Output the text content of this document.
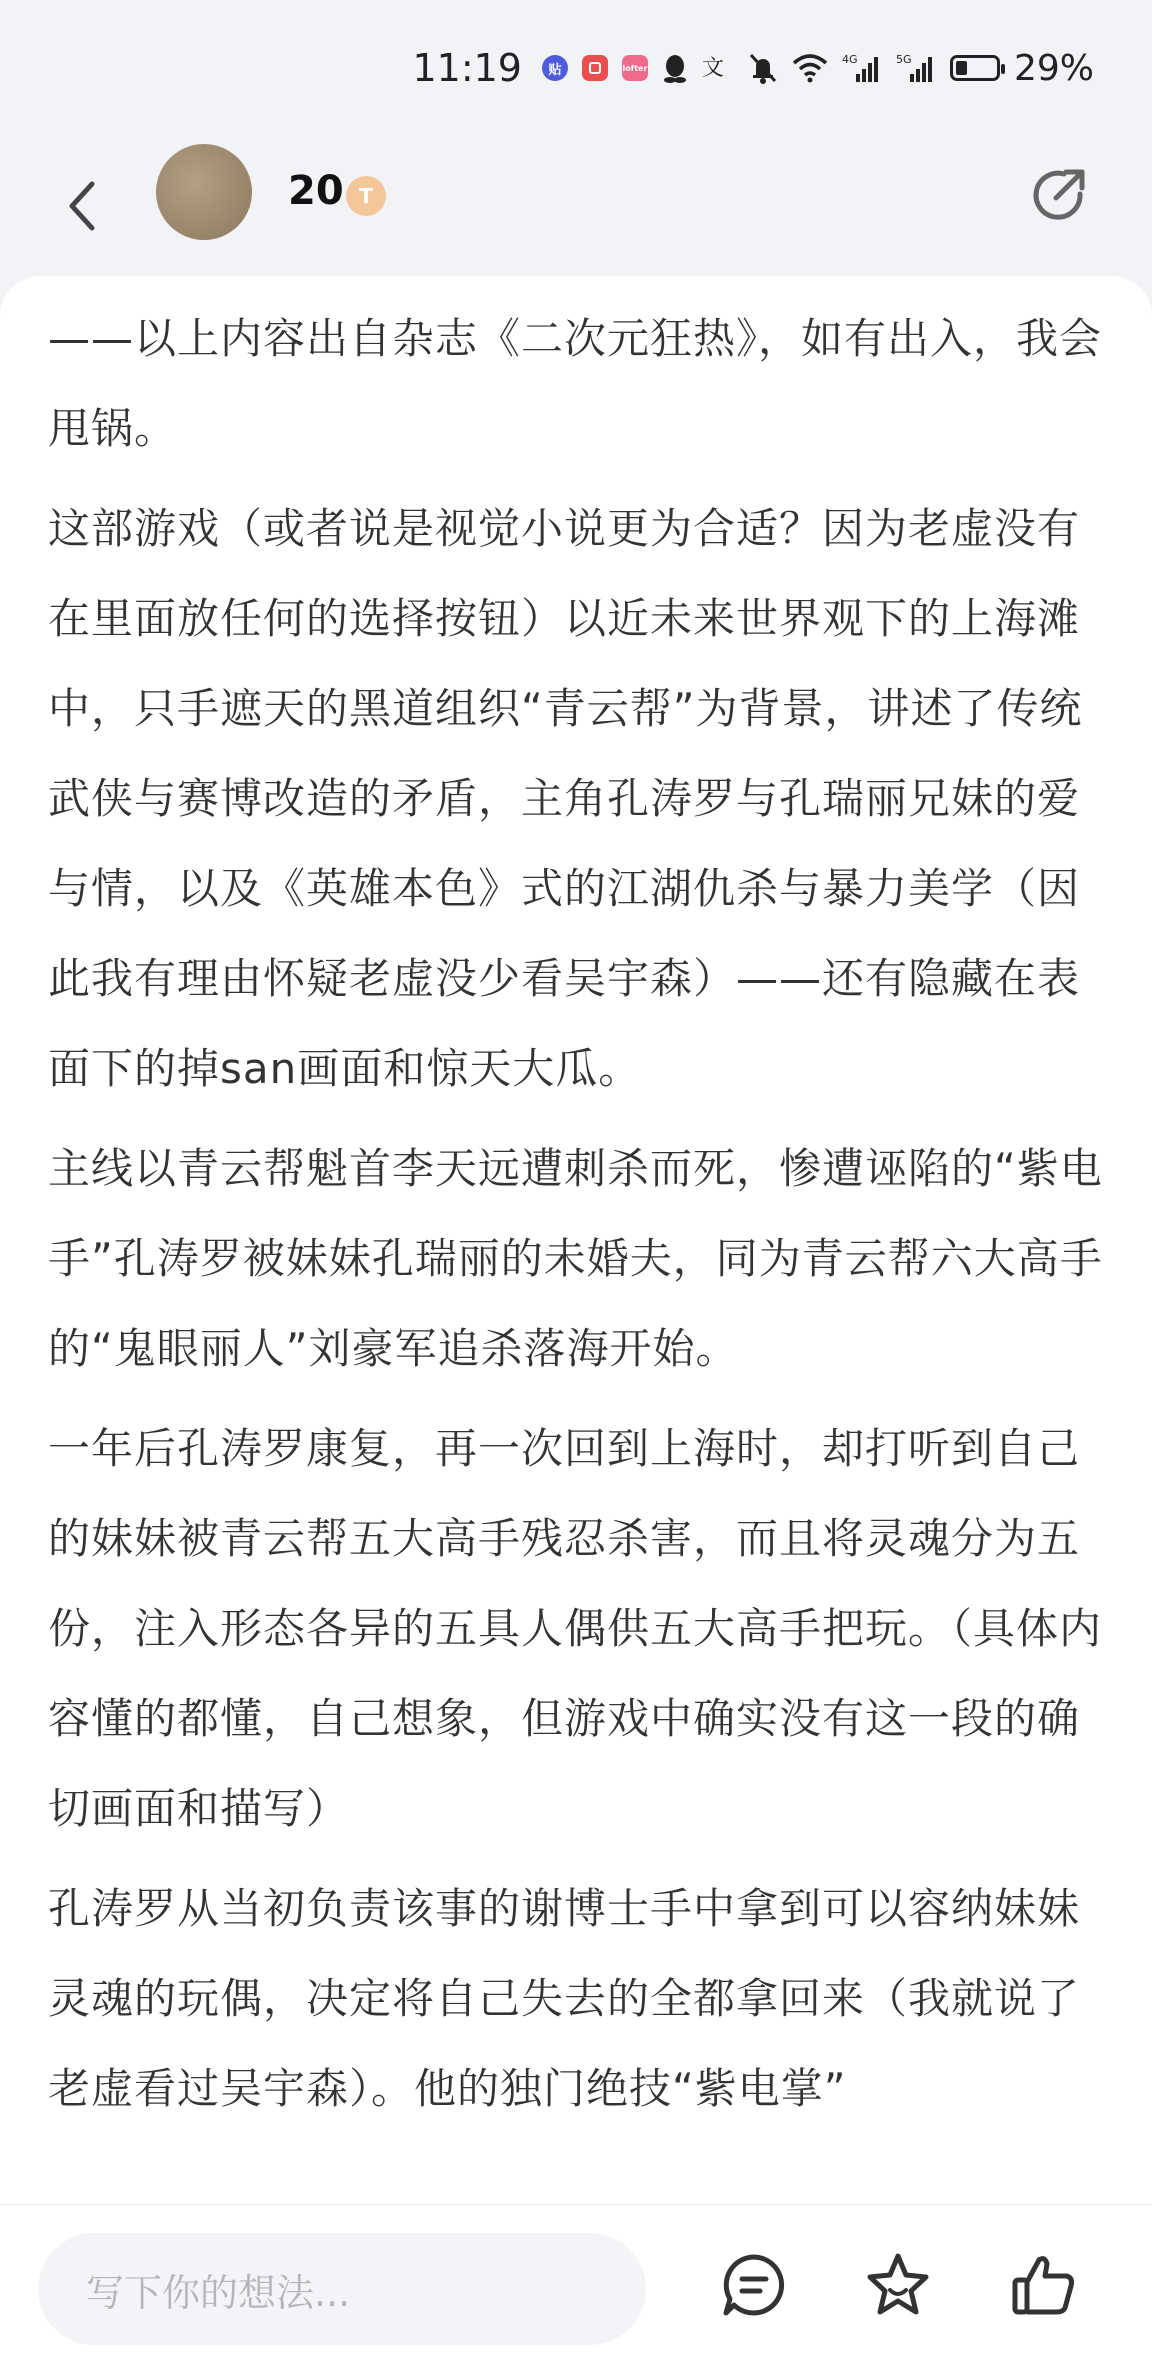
11:19	贴	lofter 文	4G	5G	29%
20 T

——以上内容出自杂志《二次元狂热》，如有出入，我会甩锅。

这部游戏（或者说是视觉小说更为合适？因为老虚没有在里面放任何的选择按钮）以近未来世界观下的上海滩中，只手遮天的黑道组织“青云帮”为背景，讲述了传统武侠与赛博改造的矛盾，主角孔涛罗与孔瑞丽兄妹的爱与情，以及《英雄本色》式的江湖仇杀与暴力美学（因此我有理由怀疑老虚没少看吴宇森）——还有隐藏在表面下的掉san画面和惊天大瓜。

主线以青云帮魁首李天远遭刺杀而死，惨遭诬陷的“紫电手”孔涛罗被妹妹孔瑞丽的未婚夫，同为青云帮六大高手的“鬼眼丽人”刘豪军追杀落海开始。

一年后孔涛罗康复，再一次回到上海时，却打听到自己的妹妹被青云帮五大高手残忍杀害，而且将灵魂分为五份，注入形态各异的五具人偶供五大高手把玩。（具体内容懂的都懂，自己想象，但游戏中确实没有这一段的确切画面和描写）

孔涛罗从当初负责该事的谢博士手中拿到可以容纳妹妹灵魂的玩偶，决定将自己失去的全都拿回来（我就说了老虚看过吴宇森）。他的独门绝技“紫电掌”

写下你的想法...
